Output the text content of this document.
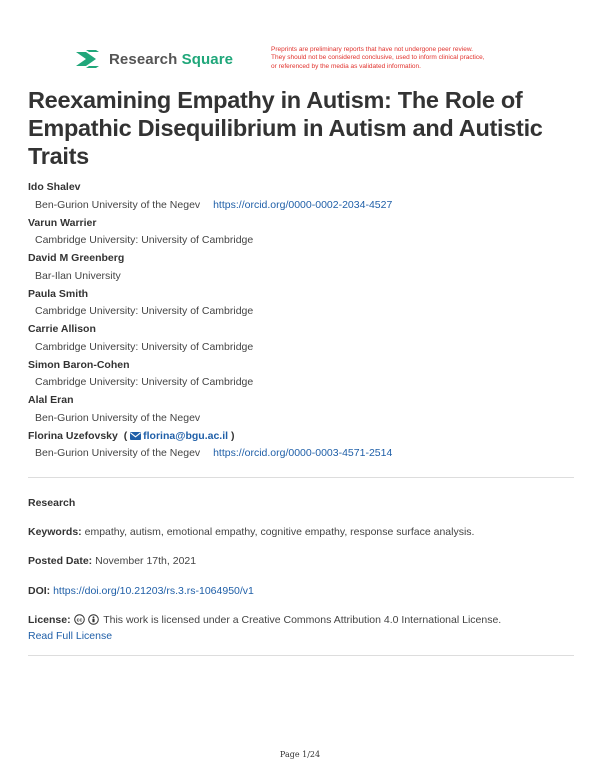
Research Square
Preprints are preliminary reports that have not undergone peer review.
They should not be considered conclusive, used to inform clinical practice,
or referenced by the media as validated information.
Reexamining Empathy in Autism: The Role of Empathic Disequilibrium in Autism and Autistic Traits
Ido Shalev
Ben-Gurion University of the Negev https://orcid.org/0000-0002-2034-4527
Varun Warrier
Cambridge University: University of Cambridge
David M Greenberg
Bar-Ilan University
Paula Smith
Cambridge University: University of Cambridge
Carrie Allison
Cambridge University: University of Cambridge
Simon Baron-Cohen
Cambridge University: University of Cambridge
Alal Eran
Ben-Gurion University of the Negev
Florina Uzefovsky  ( florina@bgu.ac.il )
Ben-Gurion University of the Negev https://orcid.org/0000-0003-4571-2514
Research
Keywords: empathy, autism, emotional empathy, cognitive empathy, response surface analysis.
Posted Date: November 17th, 2021
DOI: https://doi.org/10.21203/rs.3.rs-1064950/v1
License: cc This work is licensed under a Creative Commons Attribution 4.0 International License.
Read Full License
Page 1/24
